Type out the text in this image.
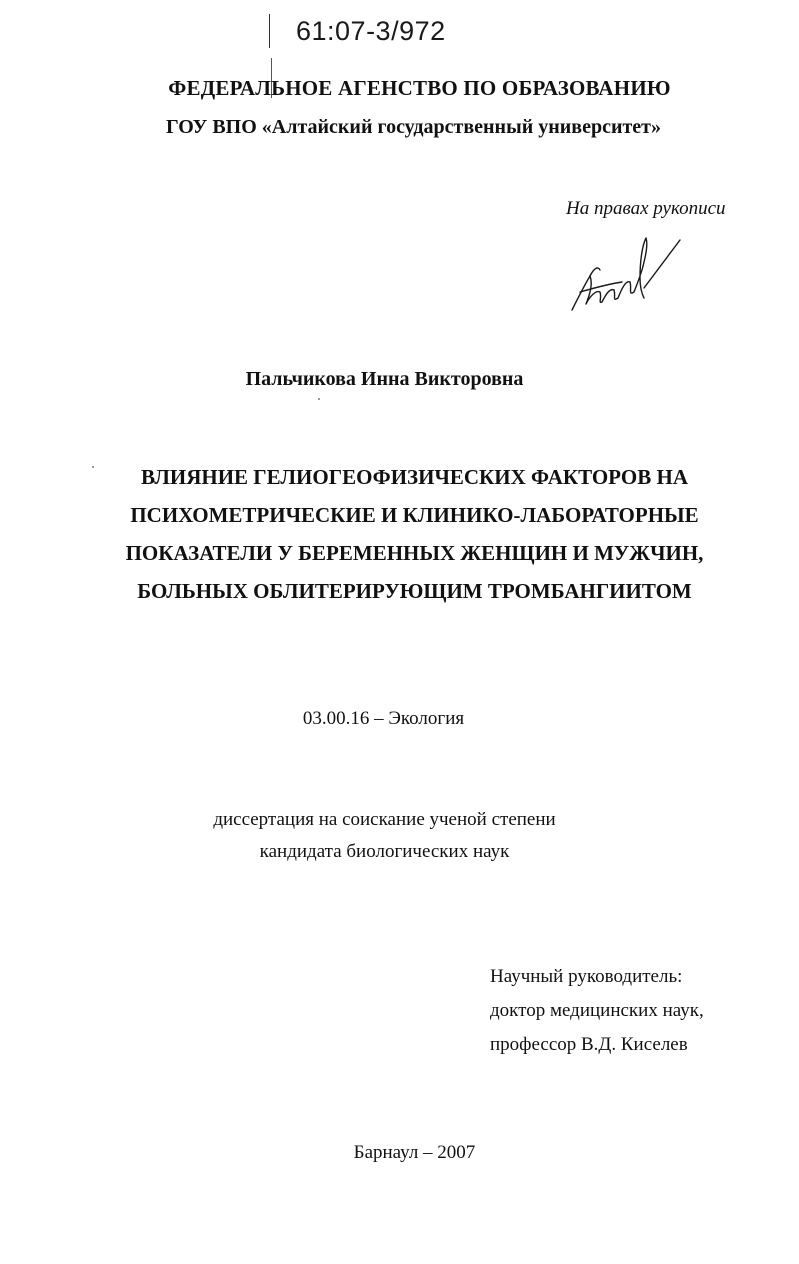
61:07-3/972
ФЕДЕРАЛЬНОЕ АГЕНСТВО ПО ОБРАЗОВАНИЮ
ГОУ ВПО «Алтайский государственный университет»
На правах рукописи
Пальчикова Инна Викторовна
ВЛИЯНИЕ ГЕЛИОГЕОФИЗИЧЕСКИХ ФАКТОРОВ НА
ПСИХОМЕТРИЧЕСКИЕ И КЛИНИКО-ЛАБОРАТОРНЫЕ
ПОКАЗАТЕЛИ У БЕРЕМЕННЫХ ЖЕНЩИН И МУЖЧИН,
БОЛЬНЫХ ОБЛИТЕРИРУЮЩИМ ТРОМБАНГИИТОМ
03.00.16 – Экология
диссертация на соискание ученой степени
кандидата биологических наук
Научный руководитель:
доктор медицинских наук,
профессор В.Д. Киселев
Барнаул – 2007
